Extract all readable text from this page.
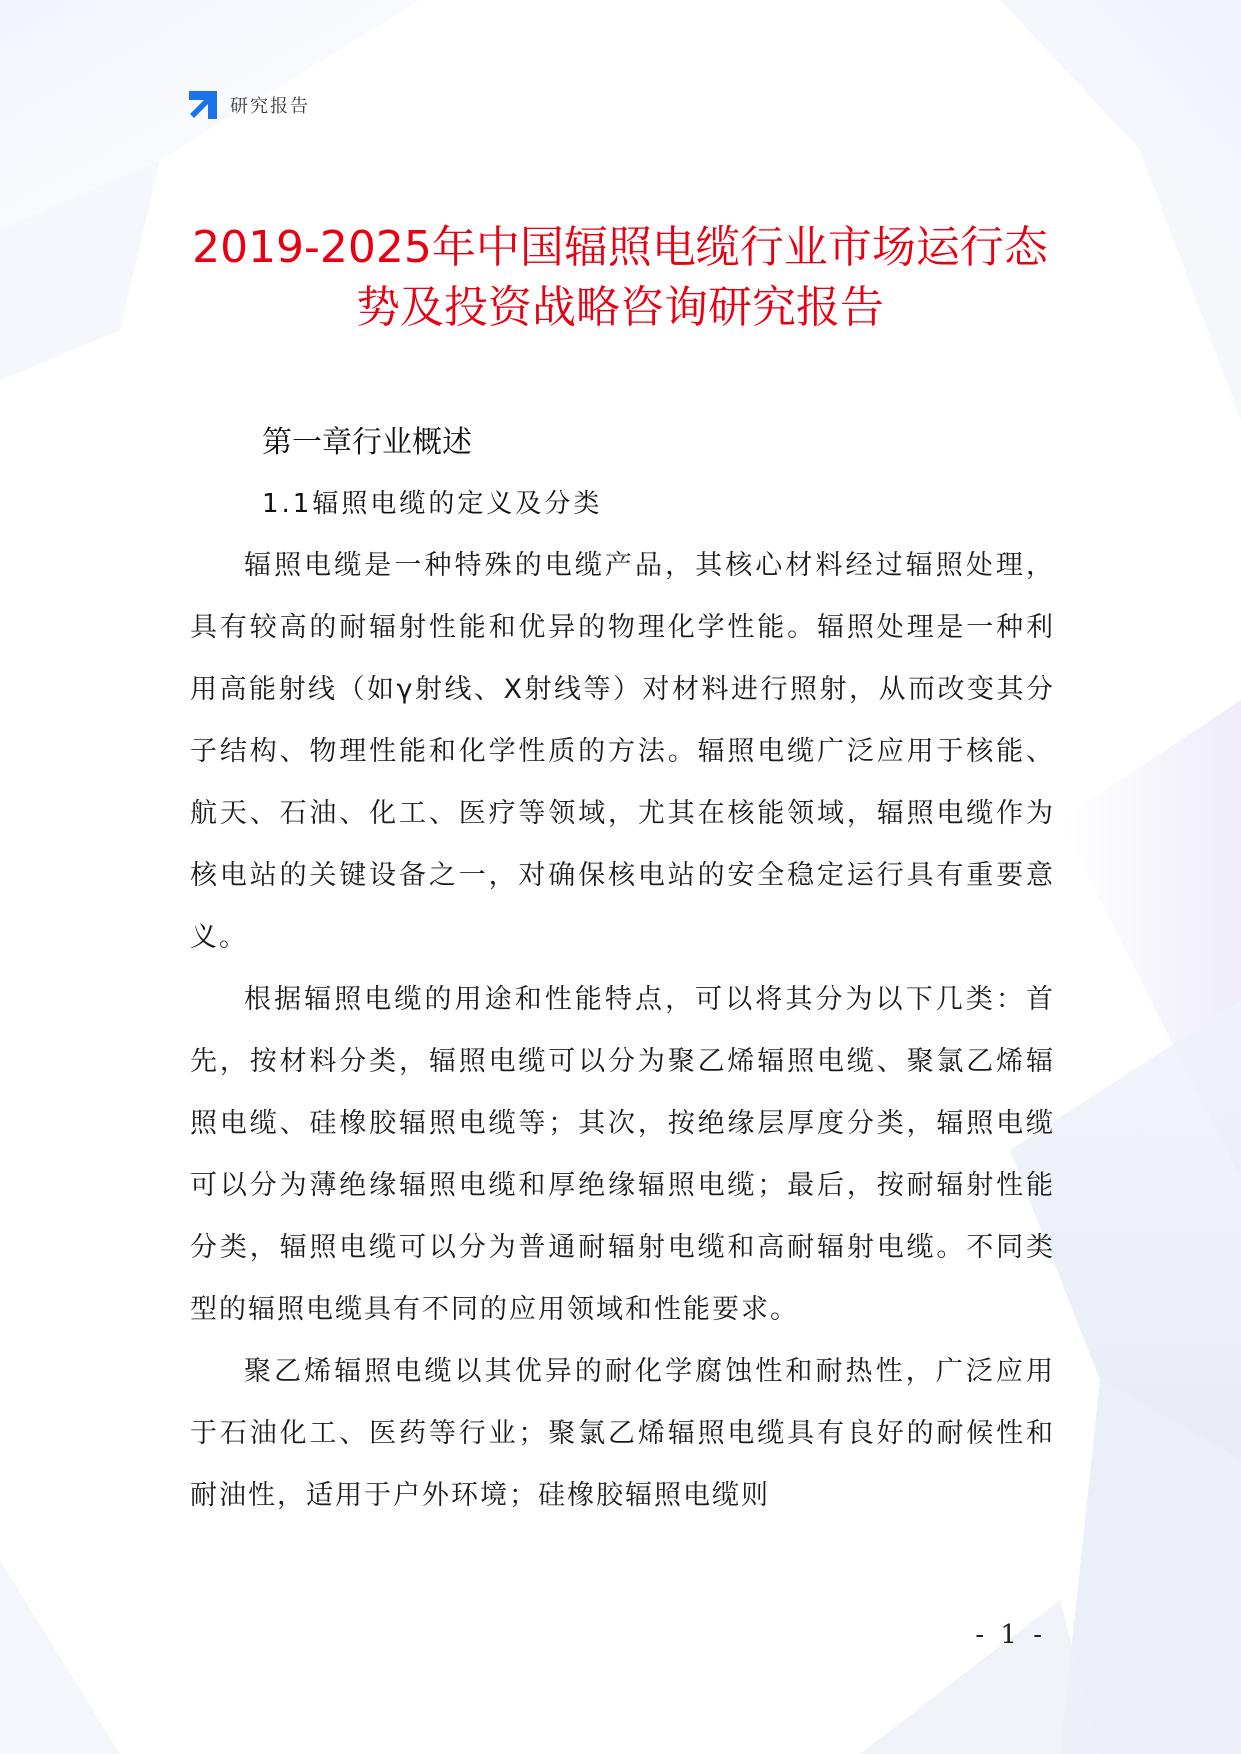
研究报告
2019-2025年中国辐照电缆行业市场运行态
势及投资战略咨询研究报告
第一章行业概述
1.1辐照电缆的定义及分类

辐照电缆是一种特殊的电缆产品，其核心材料经过辐照处理，具有较高的耐辐射性能和优异的物理化学性能。辐照处理是一种利用高能射线（如γ射线、X射线等）对材料进行照射，从而改变其分子结构、物理性能和化学性质的方法。辐照电缆广泛应用于核能、航天、石油、化工、医疗等领域，尤其在核能领域，辐照电缆作为核电站的关键设备之一，对确保核电站的安全稳定运行具有重要意义。

根据辐照电缆的用途和性能特点，可以将其分为以下几类：首先，按材料分类，辐照电缆可以分为聚乙烯辐照电缆、聚氯乙烯辐照电缆、硅橡胶辐照电缆等；其次，按绝缘层厚度分类，辐照电缆可以分为薄绝缘辐照电缆和厚绝缘辐照电缆；最后，按耐辐射性能分类，辐照电缆可以分为普通耐辐射电缆和高耐辐射电缆。不同类型的辐照电缆具有不同的应用领域和性能要求。

聚乙烯辐照电缆以其优异的耐化学腐蚀性和耐热性，广泛应用于石油化工、医药等行业；聚氯乙烯辐照电缆具有良好的耐候性和耐油性，适用于户外环境；硅橡胶辐照电缆则

- 1 -
